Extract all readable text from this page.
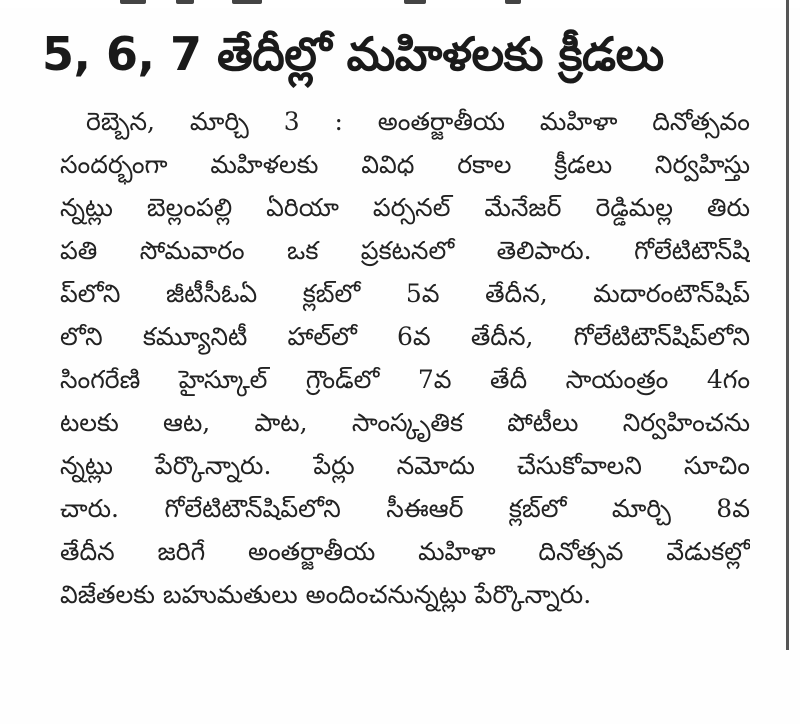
5, 6, 7 తేదీల్లో మహిళలకు క్రీడలు
రెబ్బెన, మార్చి 3 : అంతర్జాతీయ మహిళా దినోత్సవం
సందర్భంగా మహిళలకు వివిధ రకాల క్రీడలు నిర్వహిస్తు
న్నట్లు బెల్లంపల్లి ఏరియా పర్సనల్ మేనేజర్ రెడ్డిమల్ల తిరు
పతి సోమవారం ఒక ప్రకటనలో తెలిపారు. గోలేటిటౌన్‌షి
ప్‌లోని జీటీసీఓఏ క్లబ్‌లో 5వ తేదీన, మదారంటౌన్‌షిప్
లోని కమ్యూనిటీ హాల్‌లో 6వ తేదీన, గోలేటిటౌన్‌షిప్‌లోని
సింగరేణి హైస్కూల్ గ్రౌండ్‌లో 7వ తేదీ సాయంత్రం 4గం
టలకు ఆట, పాట, సాంస్కృతిక పోటీలు నిర్వహించను
న్నట్లు పేర్కొన్నారు. పేర్లు నమోదు చేసుకోవాలని సూచిం
చారు. గోలేటిటౌన్‌షిప్‌లోని సీఈఆర్ క్లబ్‌లో మార్చి 8వ
తేదీన జరిగే అంతర్జాతీయ మహిళా దినోత్సవ వేడుకల్లో
విజేతలకు బహుమతులు అందించనున్నట్లు పేర్కొన్నారు.
